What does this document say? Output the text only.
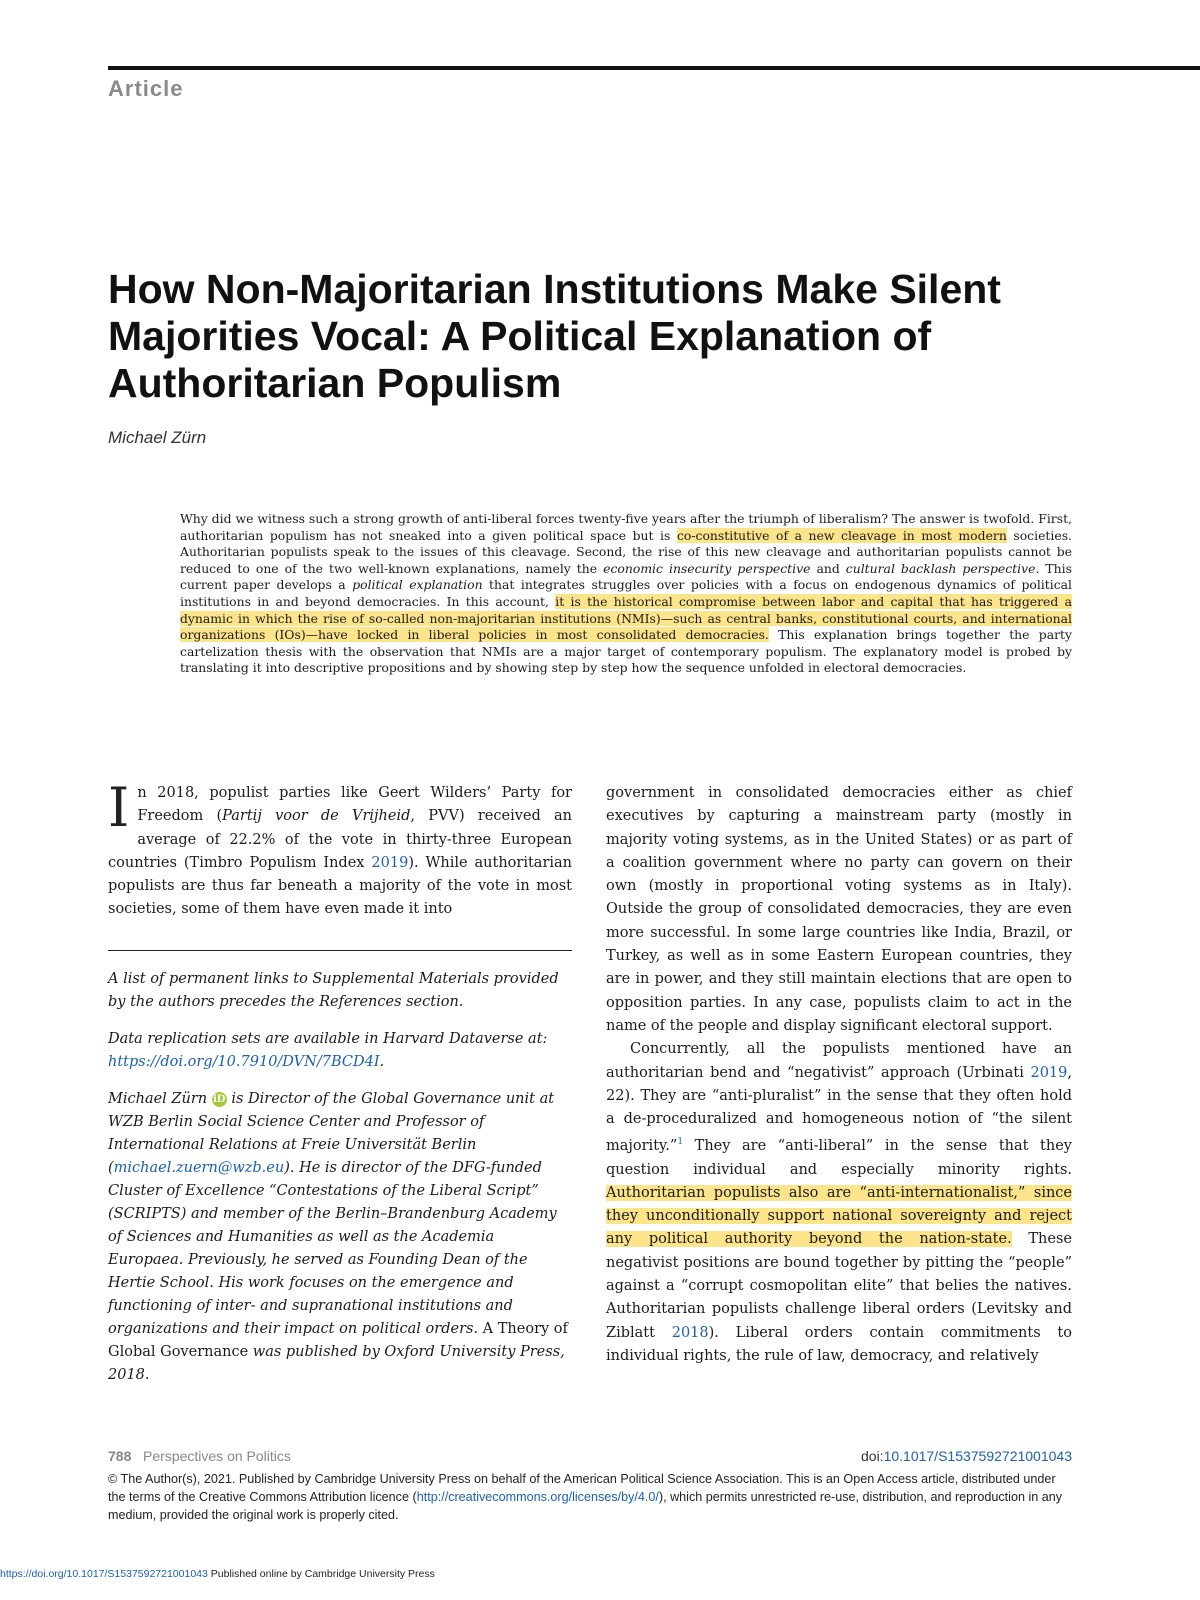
Article
How Non-Majoritarian Institutions Make Silent Majorities Vocal: A Political Explanation of Authoritarian Populism
Michael Zürn
Why did we witness such a strong growth of anti-liberal forces twenty-five years after the triumph of liberalism? The answer is twofold. First, authoritarian populism has not sneaked into a given political space but is co-constitutive of a new cleavage in most modern societies. Authoritarian populists speak to the issues of this cleavage. Second, the rise of this new cleavage and authoritarian populists cannot be reduced to one of the two well-known explanations, namely the economic insecurity perspective and cultural backlash perspective. This current paper develops a political explanation that integrates struggles over policies with a focus on endogenous dynamics of political institutions in and beyond democracies. In this account, it is the historical compromise between labor and capital that has triggered a dynamic in which the rise of so-called non-majoritarian institutions (NMIs)—such as central banks, constitutional courts, and international organizations (IOs)—have locked in liberal policies in most consolidated democracies. This explanation brings together the party cartelization thesis with the observation that NMIs are a major target of contemporary populism. The explanatory model is probed by translating it into descriptive propositions and by showing step by step how the sequence unfolded in electoral democracies.

In 2018, populist parties like Geert Wilders’ Party for Freedom (Partij voor de Vrijheid, PVV) received an average of 22.2% of the vote in thirty-three European countries (Timbro Populism Index 2019). While authoritarian populists are thus far beneath a majority of the vote in most societies, some of them have even made it into

A list of permanent links to Supplemental Materials provided by the authors precedes the References section.

Data replication sets are available in Harvard Dataverse at: https://doi.org/10.7910/DVN/7BCD4I.

Michael Zürn iD is Director of the Global Governance unit at WZB Berlin Social Science Center and Professor of International Relations at Freie Universität Berlin (michael.zuern@wzb.eu). He is director of the DFG-funded Cluster of Excellence “Contestations of the Liberal Script” (SCRIPTS) and member of the Berlin–Brandenburg Academy of Sciences and Humanities as well as the Academia Europaea. Previously, he served as Founding Dean of the Hertie School. His work focuses on the emergence and functioning of inter- and supranational institutions and organizations and their impact on political orders. A Theory of Global Governance was published by Oxford University Press, 2018.

government in consolidated democracies either as chief executives by capturing a mainstream party (mostly in majority voting systems, as in the United States) or as part of a coalition government where no party can govern on their own (mostly in proportional voting systems as in Italy). Outside the group of consolidated democracies, they are even more successful. In some large countries like India, Brazil, or Turkey, as well as in some Eastern European countries, they are in power, and they still maintain elections that are open to opposition parties. In any case, populists claim to act in the name of the people and display significant electoral support.

Concurrently, all the populists mentioned have an authoritarian bend and “negativist” approach (Urbinati 2019, 22). They are “anti-pluralist” in the sense that they often hold a de-proceduralized and homogeneous notion of “the silent majority.”$^1$ They are “anti-liberal” in the sense that they question individual and especially minority rights. Authoritarian populists also are “anti-internationalist,” since they unconditionally support national sovereignty and reject any political authority beyond the nation-state. These negativist positions are bound together by pitting the “people” against a “corrupt cosmopolitan elite” that belies the natives. Authoritarian populists challenge liberal orders (Levitsky and Ziblatt 2018). Liberal orders contain commitments to individual rights, the rule of law, democracy, and relatively

788 Perspectives on Politics	doi:10.1017/S1537592721001043
© The Author(s), 2021. Published by Cambridge University Press on behalf of the American Political Science Association. This is an Open Access article, distributed under the terms of the Creative Commons Attribution licence (http://creativecommons.org/licenses/by/4.0/), which permits unrestricted re-use, distribution, and reproduction in any medium, provided the original work is properly cited.
https://doi.org/10.1017/S1537592721001043 Published online by Cambridge University Press
